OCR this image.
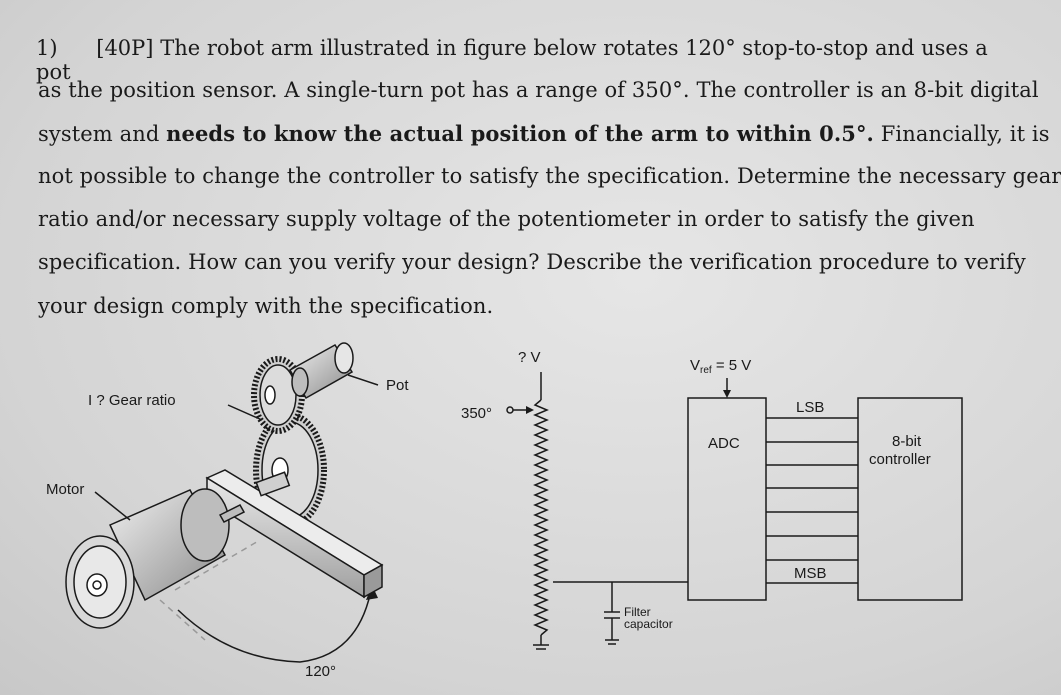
1) [40P] The robot arm illustrated in figure below rotates 120° stop-to-stop and uses a pot
as the position sensor. A single-turn pot has a range of 350°. The controller is an 8-bit digital
system and needs to know the actual position of the arm to within 0.5°. Financially, it is
not possible to change the controller to satisfy the specification. Determine the necessary gear
ratio and/or necessary supply voltage of the potentiometer in order to satisfy the given
specification. How can you verify your design? Describe the verification procedure to verify
your design comply with the specification.
I ? Gear ratio
Pot
Motor
120°
? V
350°
$V_{ref} = 5$ V
ADC
LSB
MSB
8-bit
controller
Filter
capacitor
